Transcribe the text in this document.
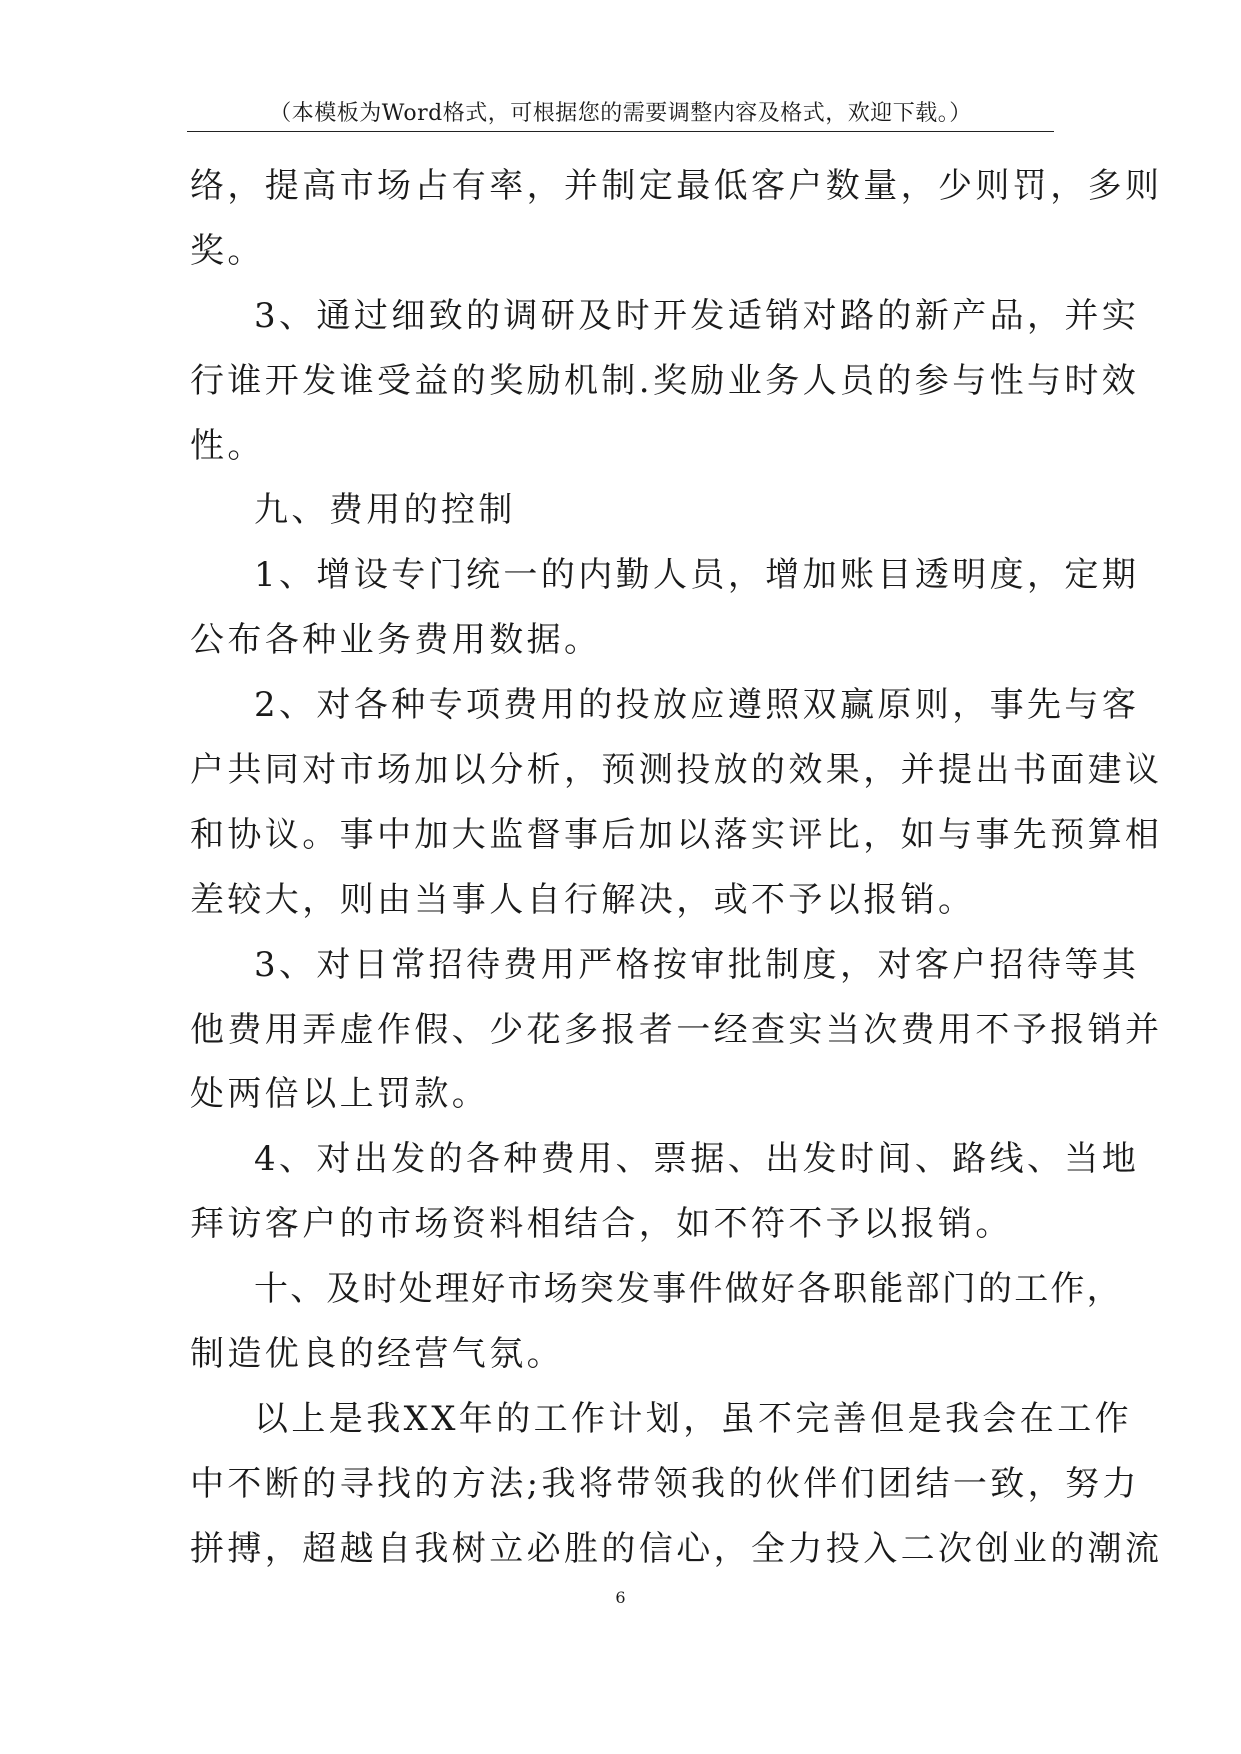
（本模板为Word格式，可根据您的需要调整内容及格式，欢迎下载。）
络，提高市场占有率，并制定最低客户数量，少则罚，多则
奖。
3、通过细致的调研及时开发适销对路的新产品，并实
行谁开发谁受益的奖励机制.奖励业务人员的参与性与时效
性。
九、费用的控制
1、增设专门统一的内勤人员，增加账目透明度，定期
公布各种业务费用数据。
2、对各种专项费用的投放应遵照双赢原则，事先与客
户共同对市场加以分析，预测投放的效果，并提出书面建议
和协议。事中加大监督事后加以落实评比，如与事先预算相
差较大，则由当事人自行解决，或不予以报销。
3、对日常招待费用严格按审批制度，对客户招待等其
他费用弄虚作假、少花多报者一经查实当次费用不予报销并
处两倍以上罚款。
4、对出发的各种费用、票据、出发时间、路线、当地
拜访客户的市场资料相结合，如不符不予以报销。
十、及时处理好市场突发事件做好各职能部门的工作，
制造优良的经营气氛。
以上是我XX年的工作计划，虽不完善但是我会在工作
中不断的寻找的方法;我将带领我的伙伴们团结一致，努力
拼搏，超越自我树立必胜的信心，全力投入二次创业的潮流
6
